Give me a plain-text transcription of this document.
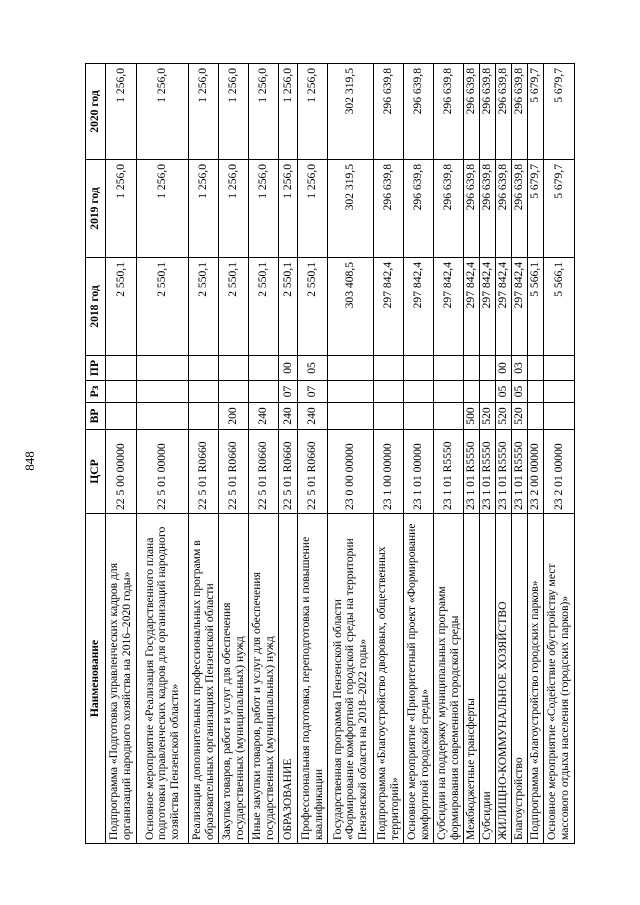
848
Наименование	ЦСР	ВР	Рз	ПР	2018 год	2019 год	2020 год
Подпрограмма «Подготовка управленческих кадров для организаций народного хозяйства на 2016–2020 годы»	22 5 00 00000				2 550,1	1 256,0	1 256,0
Основное мероприятие «Реализация Государственного плана подготовки управленческих кадров для организаций народного хозяйства Пензенской области»	22 5 01 00000				2 550,1	1 256,0	1 256,0
Реализация дополнительных профессиональных программ в образовательных организациях Пензенской области	22 5 01 R0660				2 550,1	1 256,0	1 256,0
Закупка товаров, работ и услуг для обеспечения государственных (муниципальных) нужд	22 5 01 R0660	200			2 550,1	1 256,0	1 256,0
Иные закупки товаров, работ и услуг для обеспечения государственных (муниципальных) нужд	22 5 01 R0660	240			2 550,1	1 256,0	1 256,0
ОБРАЗОВАНИЕ	22 5 01 R0660	240	07	00	2 550,1	1 256,0	1 256,0
Профессиональная подготовка, переподготовка и повышение квалификации	22 5 01 R0660	240	07	05	2 550,1	1 256,0	1 256,0
Государственная программа Пензенской области «Формирование комфортной городской среды на территории Пензенской области на 2018–2022 годы»	23 0 00 00000				303 408,5	302 319,5	302 319,5
Подпрограмма «Благоустройство дворовых, общественных территорий»	23 1 00 00000				297 842,4	296 639,8	296 639,8
Основное мероприятие «Приоритетный проект «Формирование комфортной городской среды»	23 1 01 00000				297 842,4	296 639,8	296 639,8
Субсидии на поддержку муниципальных программ формирования современной городской среды	23 1 01 R5550				297 842,4	296 639,8	296 639,8
Межбюджетные трансферты	23 1 01 R5550	500			297 842,4	296 639,8	296 639,8
Субсидии	23 1 01 R5550	520			297 842,4	296 639,8	296 639,8
ЖИЛИЩНО-КОММУНАЛЬНОЕ ХОЗЯЙСТВО	23 1 01 R5550	520	05	00	297 842,4	296 639,8	296 639,8
Благоустройство	23 1 01 R5550	520	05	03	297 842,4	296 639,8	296 639,8
Подпрограмма «Благоустройство городских парков»	23 2 00 00000				5 566,1	5 679,7	5 679,7
Основное мероприятие «Содействие обустройству мест массового отдыха населения (городских парков)»	23 2 01 00000				5 566,1	5 679,7	5 679,7
